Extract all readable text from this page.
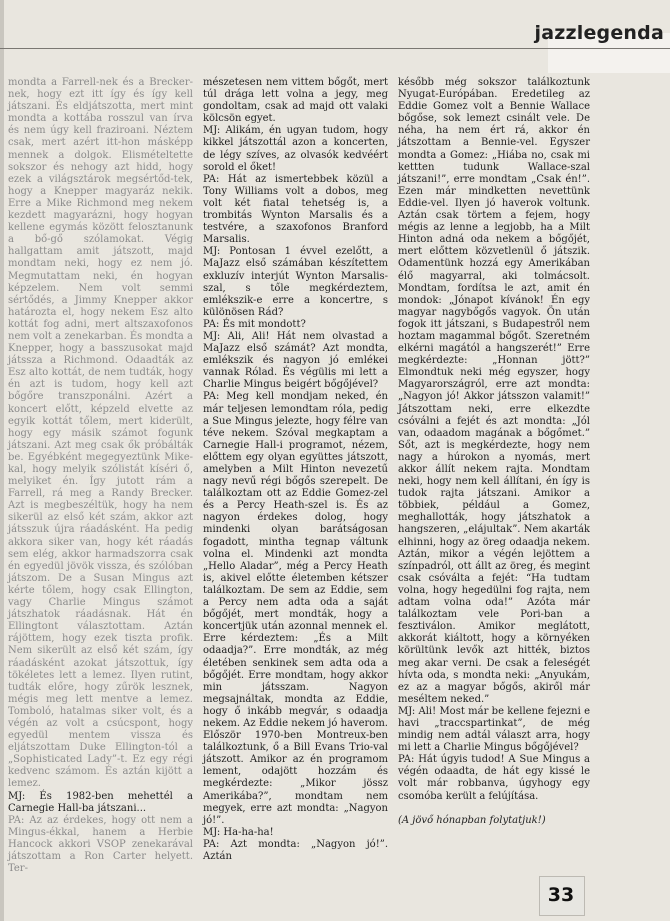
jazzlegenda

mondta a Farrell-nek és a Brecker-nek, hogy ezt itt így és így kell játszani. És eldjátszotta, mert mint mondta a kottába rosszul van írva és nem úgy kell fraziroani. Néztem csak, mert azért itt-hon másképp mennek a dolgok. Elismételtette sokszor és nehogy azt hidd, hogy ezek a világsztárok megsértőd-tek, hogy a Knepper magyaráz nekik. Erre a Mike Richmond meg nekem kezdett magyarázni, hogy hogyan kellene egymás között felosztanunk a bő-gő szólamokat. Végig hallgattam amit játszott, majd mondtam neki, hogy ez nem jó. Megmutattam neki, én hogyan képzelem. Nem volt semmi sértődés, a Jimmy Knepper akkor határozta el, hogy nekem Esz alto kottát fog adni, mert altszaxofonos nem volt a zenekarban. És mondta a Knepper, hogy a basszusokat majd játssza a Richmond. Odaadták az Esz alto kottát, de nem tudták, hogy én azt is tudom, hogy kell azt bőgőre transzponálni. Azért a koncert előtt, képzeld elvette az egyik kottát tőlem, mert kiderült, hogy egy másik számot fogunk játszani. Azt meg csak ők próbálták be. Egyébként megegyeztünk Mike-kal, hogy melyik szólistát kíséri ő, melyiket én. Így jutott rám a Farrell, rá meg a Randy Brecker. Azt is megbeszéltük, hogy ha nem sikerül az első két szám, akkor azt játsszuk újra ráadásként. Ha pedig akkora siker van, hogy két ráadás sem elég, akkor harmadszorra csak én egyedül jövök vissza, és szólóban játszom. De a Susan Mingus azt kérte tőlem, hogy csak Ellington, vagy Charlie Mingus számot játszhatok ráadásnak. Hát én Ellingtont választottam. Aztán rájöttem, hogy ezek tiszta profik. Nem sikerült az első két szám, így ráadásként azokat játszottuk, így tökéletes lett a lemez. Ilyen rutint, tudták előre, hogy zűrök lesznek, mégis meg lett mentve a lemez. Tomboló, hatalmas siker volt, és a végén az volt a csúcspont, hogy egyedül mentem vissza és eljátszottam Duke Ellington-tól a „Sophisticated Lady”-t. Ez egy régi kedvenc számom. És aztán kijött a lemez.

MJ: És 1982-ben mehettél a Carnegie Hall-ba játszani...

PA: Az az érdekes, hogy ott nem a Mingus-ékkal, hanem a Herbie Hancock akkori VSOP zenekarával játszottam a Ron Carter helyett. Ter-

mészetesen nem vittem bőgőt, mert túl drága lett volna a jegy, meg gondoltam, csak ad majd ott valaki kölcsön egyet.

MJ: Alikám, én ugyan tudom, hogy kikkel játszottál azon a koncerten, de légy szíves, az olvasók kedvéért sorold el őket!

PA: Hát az ismertebbek közül a Tony Williams volt a dobos, meg volt két fiatal tehetség is, a trombitás Wynton Marsalis és a testvére, a szaxofonos Branford Marsalis.

MJ: Pontosan 1 évvel ezelőtt, a MaJazz első számában készítettem exkluzív interjút Wynton Marsalis-szal, s tőle megkérdeztem, emlékszik-e erre a koncertre, s különösen Rád?

PA: És mit mondott?

MJ: Ali, Ali! Hát nem olvastad a MaJazz első számát? Azt mondta, emlékszik és nagyon jó emlékei vannak Rólad. És végülis mi lett a Charlie Mingus beigért bőgőjével?

PA: Meg kell mondjam neked, én már teljesen lemondtam róla, pedig a Sue Mingus jelezte, hogy félre van téve nekem. Szóval megkaptam a Carnegie Hall-i programot, nézem, előttem egy olyan együttes játszott, amelyben a Milt Hinton nevezetű nagy nevű régi bőgős szerepelt. De találkoztam ott az Eddie Gomez-zel és a Percy Heath-szel is. És az nagyon érdekes dolog, hogy mindenki olyan barátságosan fogadott, mintha tegnap váltunk volna el. Mindenki azt mondta „Hello Aladar”, még a Percy Heath is, akivel előtte életemben kétszer találkoztam. De sem az Eddie, sem a Percy nem adta oda a saját bőgőjét, mert mondták, hogy a koncertjük után azonnal mennek el. Erre kérdeztem: „És a Milt odaadja?”. Erre mondták, az még életében senkinek sem adta oda a bőgőjét. Erre mondtam, hogy akkor min játsszam. Nagyon megsajnáltak, mondta az Eddie, hogy ő inkább megvár, s odaadja nekem. Az Eddie nekem jó haverom. Először 1970-ben Montreux-ben találkoztunk, ő a Bill Evans Trio-val játszott. Amikor az én programom lement, odajött hozzám és megkérdezte: „Mikor jössz Amerikába?”, mondtam nem megyek, erre azt mondta: „Nagyon jó!”.

MJ: Ha-ha-ha!

PA: Azt mondta: „Nagyon jó!”. Aztán

később még sokszor találkoztunk Nyugat-Európában. Eredetileg az Eddie Gomez volt a Bennie Wallace bőgőse, sok lemezt csinált vele. De néha, ha nem ért rá, akkor én játszottam a Bennie-vel. Egyszer mondta a Gomez: „Hiába no, csak mi kettten tudunk Wallace-szal játszani!”, erre mondtam „Csak én!”. Ezen már mindketten nevettünk Eddie-vel. Ilyen jó haverok voltunk. Aztán csak törtem a fejem, hogy mégis az lenne a legjobb, ha a Milt Hinton adná oda nekem a bőgőjét, mert előttem közvetlenül ő játszik. Odamentünk hozzá egy Amerikában élő magyarral, aki tolmácsolt. Mondtam, fordítsa le azt, amit én mondok: „Jónapot kívánok! Én egy magyar nagybőgős vagyok. Ön után fogok itt játszani, s Budapestről nem hoztam magammal bőgőt. Szeretném elkérni magától a hangszerét!” Erre megkérdezte: „Honnan jött?” Elmondtuk neki még egyszer, hogy Magyarországról, erre azt mondta: „Nagyon jó! Akkor játsszon valamit!” Játszottam neki, erre elkezdte csóválni a fejét és azt mondta: „Jól van, odaadom magának a bőgőmet.” Sőt, azt is megkérdezte, hogy nem nagy a húrokon a nyomás, mert akkor állít nekem rajta. Mondtam neki, hogy nem kell állítani, én így is tudok rajta játszani. Amikor a többiek, például a Gomez, meghallották, hogy játszhatok a hangszeren, „elájultak”. Nem akarták elhinni, hogy az öreg odaadja nekem. Aztán, mikor a végén lejöttem a színpadról, ott állt az öreg, és megint csak csóválta a fejét: “Ha tudtam volna, hogy hegedülni fog rajta, nem adtam volna oda!” Azóta már találkoztam vele Pori-ban a fesztiválon. Amikor meglátott, akkorát kiáltott, hogy a környéken körültünk levők azt hitték, biztos meg akar verni. De csak a feleségét hívta oda, s mondta neki: „Anyukám, ez az a magyar bőgős, akiről már meséltem neked.”

MJ: Ali! Most már be kellene fejezni e havi „traccspartinkat”, de még mindig nem adtál választ arra, hogy mi lett a Charlie Mingus bőgőjével?

PA: Hát úgyis tudod! A Sue Mingus a végén odaadta, de hát egy kissé le volt már robbanva, úgyhogy egy csomóba került a felújítása.

(A jövő hónapban folytatjuk!)

33
